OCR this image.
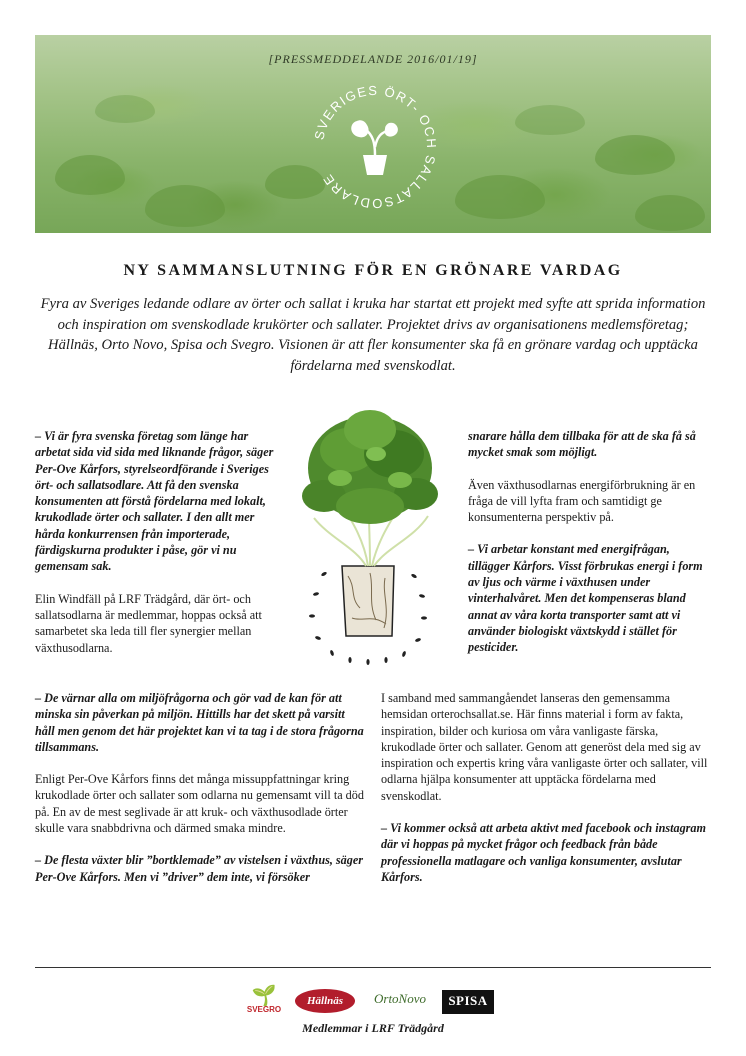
[PRESSMEDDELANDE 2016/01/19]
SVERIGES ÖRT- OCH SALLATSODLARE
NY SAMMANSLUTNING FÖR EN GRÖNARE VARDAG

Fyra av Sveriges ledande odlare av örter och sallat i kruka har startat ett projekt med syfte att sprida information och inspiration om svenskodlade krukörter och sallater. Projektet drivs av organisationens medlemsföretag; Hällnäs, Orto Novo, Spisa och Svegro. Visionen är att fler konsumenter ska få en grönare vardag och upptäcka fördelarna med svenskodlat.

– Vi är fyra svenska företag som länge har arbetat sida vid sida med liknande frågor, säger Per-Ove Kårfors, styrelseordförande i Sveriges ört- och sallatsodlare. Att få den svenska konsumenten att förstå fördelarna med lokalt, krukodlade örter och sallater. I den allt mer hårda konkurrensen från importerade, färdigskurna produkter i påse, gör vi nu gemensam sak.

Elin Windfäll på LRF Trädgård, där ört- och sallatsodlarna är medlemmar, hoppas också att samarbetet ska leda till fler synergier mellan växthusodlarna.

snarare hålla dem tillbaka för att de ska få så mycket smak som möjligt.

Även växthusodlarnas energiförbrukning är en fråga de vill lyfta fram och samtidigt ge konsumenterna perspektiv på.

– Vi arbetar konstant med energifrågan, tillägger Kårfors. Visst förbrukas energi i form av ljus och värme i växthusen under vinterhalvåret. Men det kompenseras bland annat av våra korta transporter samt att vi använder biologiskt växtskydd i stället för pesticider.

– De värnar alla om miljöfrågorna och gör vad de kan för att minska sin påverkan på miljön. Hittills har det skett på varsitt håll men genom det här projektet kan vi ta tag i de stora frågorna tillsammans.

Enligt Per-Ove Kårfors finns det många missuppfattningar kring krukodlade örter och sallater som odlarna nu gemensamt vill ta död på. En av de mest seglivade är att kruk- och växthusodlade örter skulle vara snabbdrivna och därmed smaka mindre.

– De flesta växter blir ”bortklemade” av vistelsen i växthus, säger Per-Ove Kårfors. Men vi ”driver” dem inte, vi försöker

I samband med sammangåendet lanseras den gemensamma hemsidan orterochsallat.se. Här finns material i form av fakta, inspiration, bilder och kuriosa om våra vanligaste färska, krukodlade örter och sallater. Genom att generöst dela med sig av inspiration och expertis kring våra vanligaste örter och sallater, vill odlarna hjälpa konsumenter att upptäcka fördelarna med svenskodlat.

– Vi kommer också att arbeta aktivt med facebook och instagram där vi hoppas på mycket frågor och feedback från både professionella matlagare och vanliga konsumenter, avslutar Kårfors.

🌱
SVEGRO
Hällnäs	OrtoNovo	SPISA

Medlemmar i LRF Trädgård
